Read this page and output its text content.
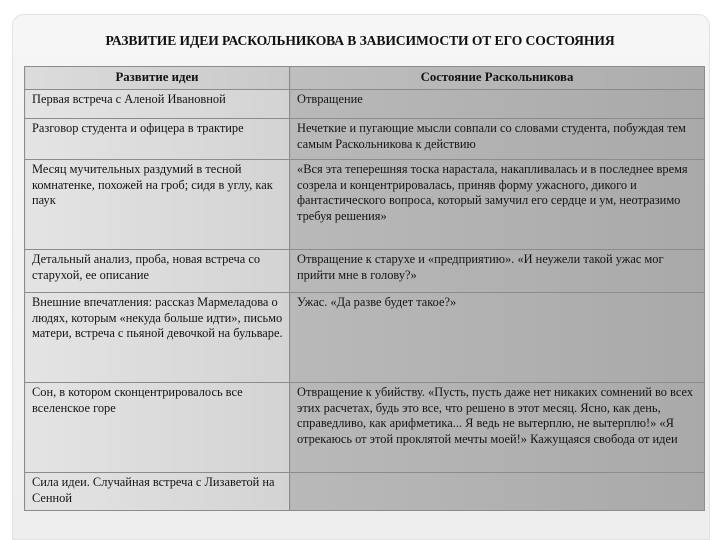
РАЗВИТИЕ ИДЕИ РАСКОЛЬНИКОВА В ЗАВИСИМОСТИ ОТ ЕГО СОСТОЯНИЯ
Развитие идеи	Состояние Раскольникова
Первая встреча с Аленой Ивановной	Отвращение
Разговор студента и офицера в трактире	Нечеткие и пугающие мысли совпали со словами студента, побуждая тем самым Раскольникова к действию
Месяц мучительных раздумий в тесной комнатенке, похожей на гроб; сидя в углу, как паук	«Вся эта теперешняя тоска нарастала, накапливалась и в последнее время созрела и концентрировалась, приняв форму ужасного, дикого и фантастического вопроса, который замучил его сердце и ум, неотразимо требуя решения»
Детальный анализ, проба, новая встреча со старухой, ее описание	Отвращение к старухе и «предприятию». «И неужели такой ужас мог прийти мне в голову?»
Внешние впечатления: рассказ Мармеладова о людях, которым «некуда больше идти», письмо матери, встреча с пьяной девочкой на бульваре.	Ужас. «Да разве будет такое?»
Сон, в котором сконцентрировалось все вселенское горе	Отвращение к убийству. «Пусть, пусть даже нет никаких сомнений во всех этих расчетах, будь это все, что решено в этот месяц. Ясно, как день, справедливо, как арифметика... Я ведь не вытерплю, не вытерплю!» «Я отрекаюсь от этой проклятой мечты моей!» Кажущаяся свобода от идеи
Сила идеи. Случайная встреча с Лизаветой на Сенной	
